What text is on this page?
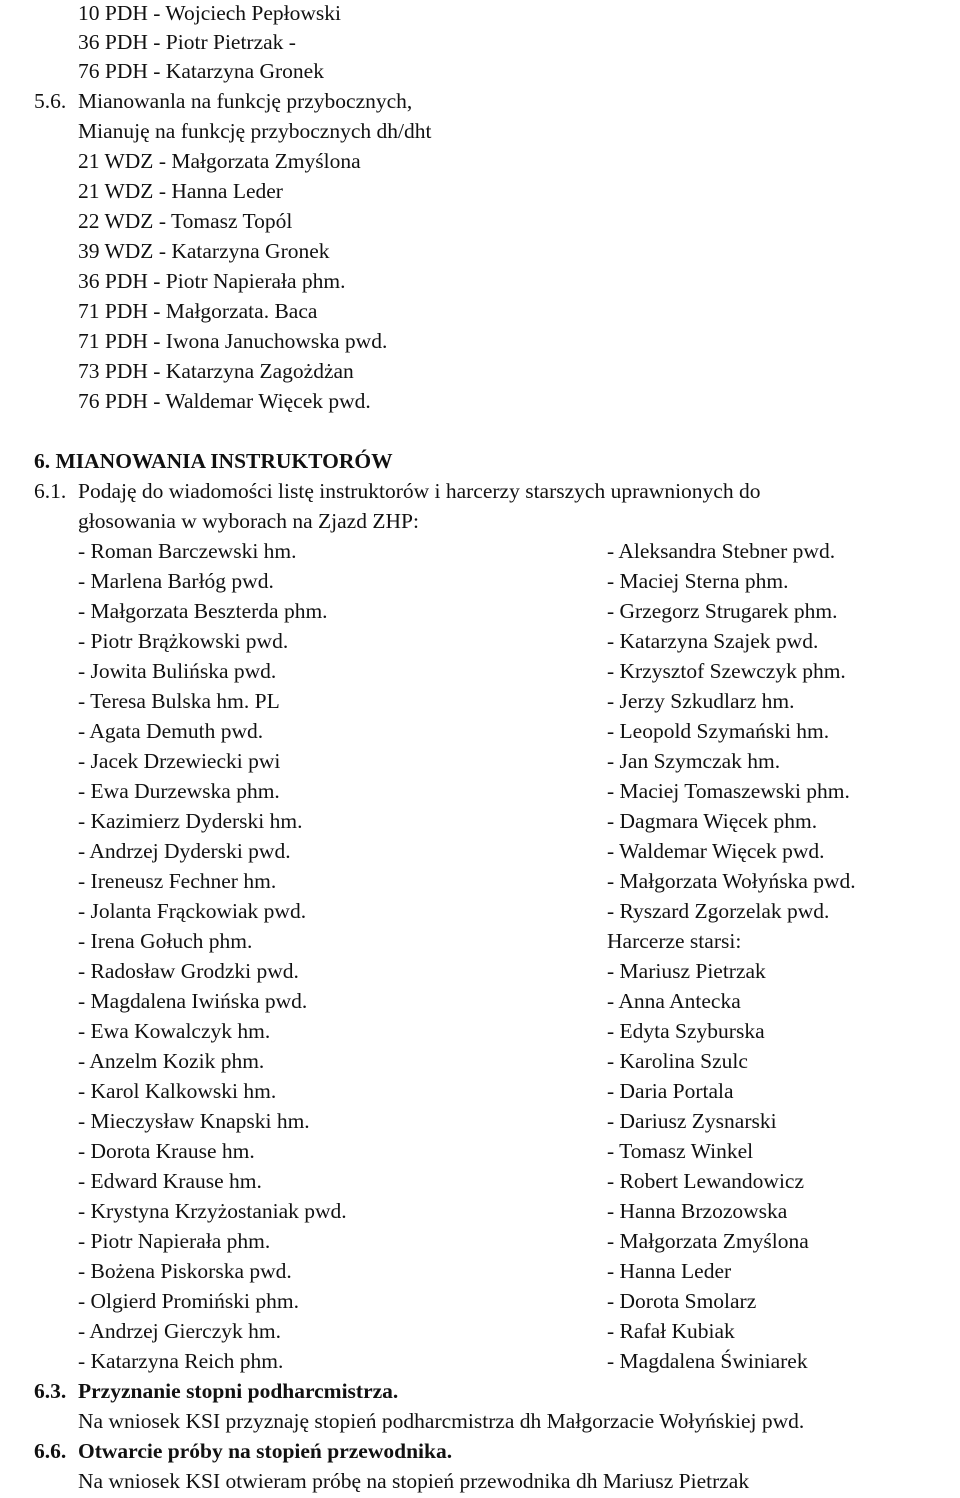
10 PDH - Wojciech Pepłowski
36 PDH - Piotr Pietrzak -
76 PDH - Katarzyna Gronek
5.6. Mianowanla na funkcję przybocznych,
Mianuję na funkcję przybocznych dh/dht
21 WDZ - Małgorzata Zmyślona
21 WDZ - Hanna Leder
22 WDZ - Tomasz Topól
39 WDZ - Katarzyna Gronek
36 PDH - Piotr Napierała phm.
71 PDH - Małgorzata. Baca
71 PDH - Iwona Januchowska pwd.
73 PDH - Katarzyna Zagożdżan
76 PDH - Waldemar Więcek pwd.
6. MIANOWANIA INSTRUKTORÓW
6.1. Podaję do wiadomości listę instruktorów i harcerzy starszych uprawnionych do
głosowania w wyborach na Zjazd ZHP:
- Roman Barczewski hm.
- Marlena Barłóg pwd.
- Małgorzata Beszterda phm.
- Piotr Brążkowski pwd.
- Jowita Bulińska pwd.
- Teresa Bulska hm. PL
- Agata Demuth pwd.
- Jacek Drzewiecki pwi
- Ewa Durzewska phm.
- Kazimierz Dyderski hm.
- Andrzej Dyderski pwd.
- Ireneusz Fechner hm.
- Jolanta Frąckowiak pwd.
- Irena Gołuch phm.
- Radosław Grodzki pwd.
- Magdalena Iwińska pwd.
- Ewa Kowalczyk hm.
- Anzelm Kozik phm.
- Karol Kalkowski hm.
- Mieczysław Knapski hm.
- Dorota Krause hm.
- Edward Krause hm.
- Krystyna Krzyżostaniak pwd.
- Piotr Napierała phm.
- Bożena Piskorska pwd.
- Olgierd Promiński phm.
- Andrzej Gierczyk hm.
- Katarzyna Reich phm.
- Aleksandra Stebner pwd.
- Maciej Sterna phm.
- Grzegorz Strugarek phm.
- Katarzyna Szajek pwd.
- Krzysztof Szewczyk phm.
- Jerzy Szkudlarz hm.
- Leopold Szymański hm.
- Jan Szymczak hm.
- Maciej Tomaszewski phm.
- Dagmara Więcek phm.
- Waldemar Więcek pwd.
- Małgorzata Wołyńska pwd.
- Ryszard Zgorzelak pwd.
Harcerze starsi:
- Mariusz Pietrzak
- Anna Antecka
- Edyta Szyburska
- Karolina Szulc
- Daria Portala
- Dariusz Zysnarski
- Tomasz Winkel
- Robert Lewandowicz
- Hanna Brzozowska
- Małgorzata Zmyślona
- Hanna Leder
- Dorota Smolarz
- Rafał Kubiak
- Magdalena Świniarek
6.3. Przyznanie stopni podharcmistrza.
Na wniosek KSI przyznaję stopień podharcmistrza dh Małgorzacie Wołyńskiej pwd.
6.6. Otwarcie próby na stopień przewodnika.
Na wniosek KSI otwieram próbę na stopień przewodnika dh Mariusz Pietrzak
